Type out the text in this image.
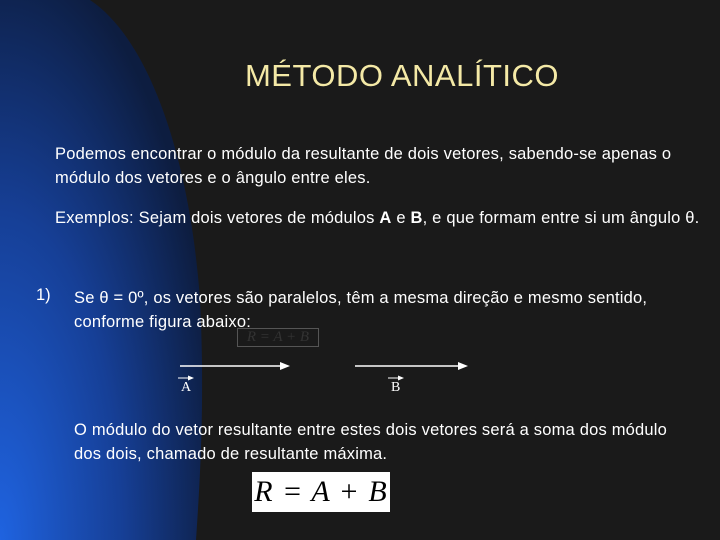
MÉTODO ANALÍTICO
Podemos encontrar o módulo da resultante de dois vetores, sabendo-se apenas o módulo dos vetores e o ângulo entre eles.
Exemplos: Sejam dois vetores de módulos A e B, e que formam entre si um ângulo θ.
1) Se θ = 0º, os vetores são paralelos, têm a mesma direção e mesmo sentido, conforme figura abaixo:
R = A + B
A	B
O módulo do vetor resultante entre estes dois vetores será a soma dos módulo dos dois, chamado de resultante máxima.
R = A + B
